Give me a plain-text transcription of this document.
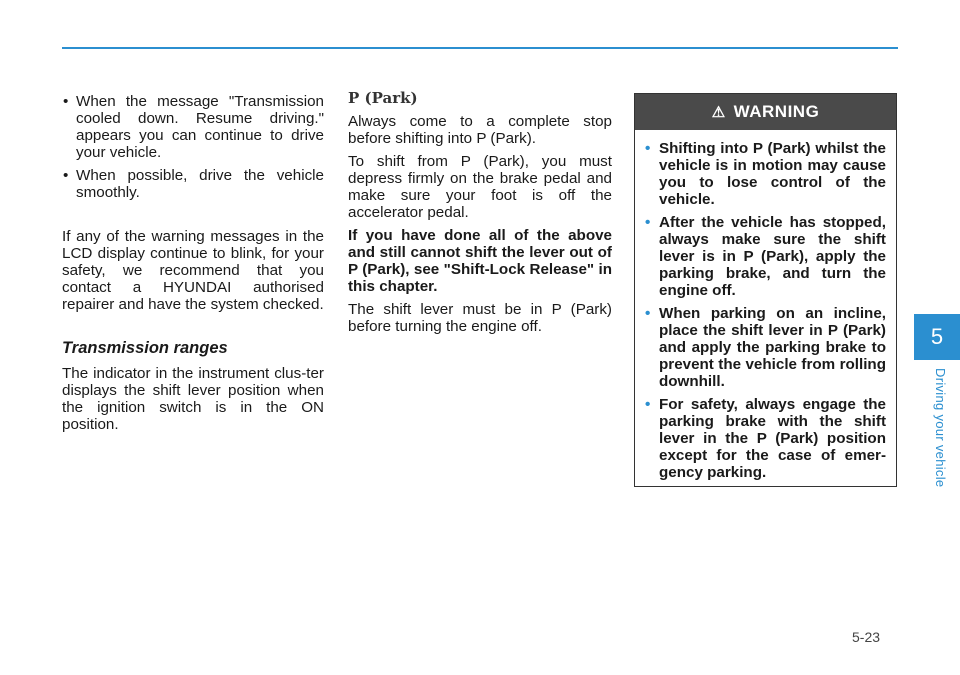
• When the message "Transmission cooled down. Resume driving." appears you can continue to drive your vehicle.
• When possible, drive the vehicle smoothly.

If any of the warning messages in the LCD display continue to blink, for your safety, we recommend that you contact a HYUNDAI authorised repairer and have the system checked.

Transmission ranges

The indicator in the instrument clus-ter displays the shift lever position when the ignition switch is in the ON position.

P (Park)

Always come to a complete stop before shifting into P (Park).

To shift from P (Park), you must depress firmly on the brake pedal and make sure your foot is off the accelerator pedal.

If you have done all of the above and still cannot shift the lever out of P (Park), see "Shift-Lock Release" in this chapter.

The shift lever must be in P (Park) before turning the engine off.

⚠ WARNING
• Shifting into P (Park) whilst the vehicle is in motion may cause you to lose control of the vehicle.
• After the vehicle has stopped, always make sure the shift lever is in P (Park), apply the parking brake, and turn the engine off.
• When parking on an incline, place the shift lever in P (Park) and apply the parking brake to prevent the vehicle from rolling downhill.
• For safety, always engage the parking brake with the shift lever in the P (Park) position except for the case of emer-gency parking.
5
Driving your vehicle
5-23
